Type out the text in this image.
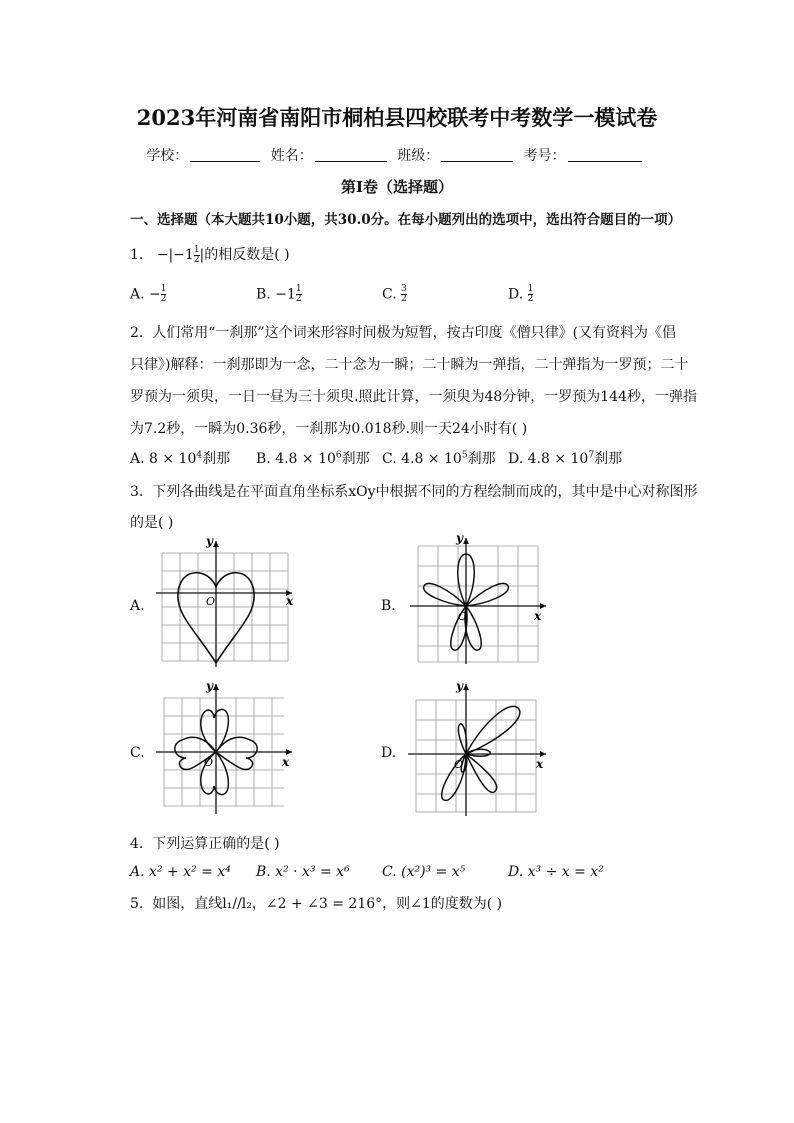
2023年河南省南阳市桐柏县四校联考中考数学一模试卷
学校：	姓名：	班级：	考号：
第I卷（选择题）
一、选择题（本大题共10小题，共30.0分。在每小题列出的选项中，选出符合题目的一项）
1. $-|-1 \frac{1}{2}$ |的相反数是( )
A. − $\frac{1}{2}$	B. $-1 \frac{1}{2}$	C. $\frac{3}{2}$	D. $\frac{1}{2}$
2. 人们常用“一刹那”这个词来形容时间极为短暂，按古印度《僧只律》(又有资料为《倡
只律》)解释：一刹那即为一念，二十念为一瞬；二十瞬为一弹指，二十弹指为一罗预；二十
罗预为一须臾，一日一昼为三十须臾.照此计算，一须臾为48分钟，一罗预为144秒，一弹指
为7.2秒，一瞬为0.36秒，一刹那为0.018秒.则一天24小时有( )
A. $8 \times 10^4$刹那 B. $4.8 \times 10^6$刹那 C. $4.8 \times 10^5$刹那 D. $4.8 \times 10^7$刹那
3. 下列各曲线是在平面直角坐标系xOy中根据不同的方程绘制而成的，其中是中心对称图形
的是( )
A.
y
x
O	B.
y
x
O
C.
y
x
O
D.
y
x
O
4. 下列运算正确的是( )
A. x² + x² = x⁴ B. x² · x³ = x⁶ C. (x²)³ = x⁵	D. x³ ÷ x = x²
5. 如图，直线l₁//l₂，∠2 + ∠3 = 216°，则∠1的度数为( )
